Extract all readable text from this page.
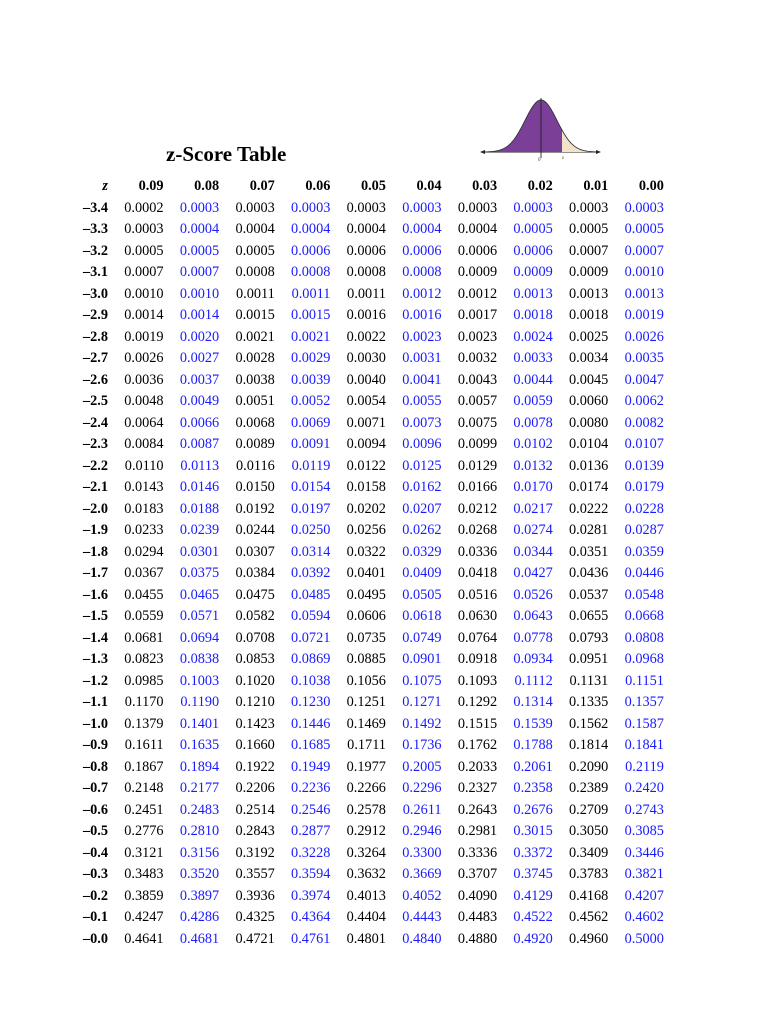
z-Score Table	0	z
z	0.09	0.08	0.07	0.06	0.05	0.04	0.03	0.02	0.01	0.00
–3.4	0.0002	0.0003	0.0003	0.0003	0.0003	0.0003	0.0003	0.0003	0.0003	0.0003
–3.3	0.0003	0.0004	0.0004	0.0004	0.0004	0.0004	0.0004	0.0005	0.0005	0.0005
–3.2	0.0005	0.0005	0.0005	0.0006	0.0006	0.0006	0.0006	0.0006	0.0007	0.0007
–3.1	0.0007	0.0007	0.0008	0.0008	0.0008	0.0008	0.0009	0.0009	0.0009	0.0010
–3.0	0.0010	0.0010	0.0011	0.0011	0.0011	0.0012	0.0012	0.0013	0.0013	0.0013
–2.9	0.0014	0.0014	0.0015	0.0015	0.0016	0.0016	0.0017	0.0018	0.0018	0.0019
–2.8	0.0019	0.0020	0.0021	0.0021	0.0022	0.0023	0.0023	0.0024	0.0025	0.0026
–2.7	0.0026	0.0027	0.0028	0.0029	0.0030	0.0031	0.0032	0.0033	0.0034	0.0035
–2.6	0.0036	0.0037	0.0038	0.0039	0.0040	0.0041	0.0043	0.0044	0.0045	0.0047
–2.5	0.0048	0.0049	0.0051	0.0052	0.0054	0.0055	0.0057	0.0059	0.0060	0.0062
–2.4	0.0064	0.0066	0.0068	0.0069	0.0071	0.0073	0.0075	0.0078	0.0080	0.0082
–2.3	0.0084	0.0087	0.0089	0.0091	0.0094	0.0096	0.0099	0.0102	0.0104	0.0107
–2.2	0.0110	0.0113	0.0116	0.0119	0.0122	0.0125	0.0129	0.0132	0.0136	0.0139
–2.1	0.0143	0.0146	0.0150	0.0154	0.0158	0.0162	0.0166	0.0170	0.0174	0.0179
–2.0	0.0183	0.0188	0.0192	0.0197	0.0202	0.0207	0.0212	0.0217	0.0222	0.0228
–1.9	0.0233	0.0239	0.0244	0.0250	0.0256	0.0262	0.0268	0.0274	0.0281	0.0287
–1.8	0.0294	0.0301	0.0307	0.0314	0.0322	0.0329	0.0336	0.0344	0.0351	0.0359
–1.7	0.0367	0.0375	0.0384	0.0392	0.0401	0.0409	0.0418	0.0427	0.0436	0.0446
–1.6	0.0455	0.0465	0.0475	0.0485	0.0495	0.0505	0.0516	0.0526	0.0537	0.0548
–1.5	0.0559	0.0571	0.0582	0.0594	0.0606	0.0618	0.0630	0.0643	0.0655	0.0668
–1.4	0.0681	0.0694	0.0708	0.0721	0.0735	0.0749	0.0764	0.0778	0.0793	0.0808
–1.3	0.0823	0.0838	0.0853	0.0869	0.0885	0.0901	0.0918	0.0934	0.0951	0.0968
–1.2	0.0985	0.1003	0.1020	0.1038	0.1056	0.1075	0.1093	0.1112	0.1131	0.1151
–1.1	0.1170	0.1190	0.1210	0.1230	0.1251	0.1271	0.1292	0.1314	0.1335	0.1357
–1.0	0.1379	0.1401	0.1423	0.1446	0.1469	0.1492	0.1515	0.1539	0.1562	0.1587
–0.9	0.1611	0.1635	0.1660	0.1685	0.1711	0.1736	0.1762	0.1788	0.1814	0.1841
–0.8	0.1867	0.1894	0.1922	0.1949	0.1977	0.2005	0.2033	0.2061	0.2090	0.2119
–0.7	0.2148	0.2177	0.2206	0.2236	0.2266	0.2296	0.2327	0.2358	0.2389	0.2420
–0.6	0.2451	0.2483	0.2514	0.2546	0.2578	0.2611	0.2643	0.2676	0.2709	0.2743
–0.5	0.2776	0.2810	0.2843	0.2877	0.2912	0.2946	0.2981	0.3015	0.3050	0.3085
–0.4	0.3121	0.3156	0.3192	0.3228	0.3264	0.3300	0.3336	0.3372	0.3409	0.3446
–0.3	0.3483	0.3520	0.3557	0.3594	0.3632	0.3669	0.3707	0.3745	0.3783	0.3821
–0.2	0.3859	0.3897	0.3936	0.3974	0.4013	0.4052	0.4090	0.4129	0.4168	0.4207
–0.1	0.4247	0.4286	0.4325	0.4364	0.4404	0.4443	0.4483	0.4522	0.4562	0.4602
–0.0	0.4641	0.4681	0.4721	0.4761	0.4801	0.4840	0.4880	0.4920	0.4960	0.5000
